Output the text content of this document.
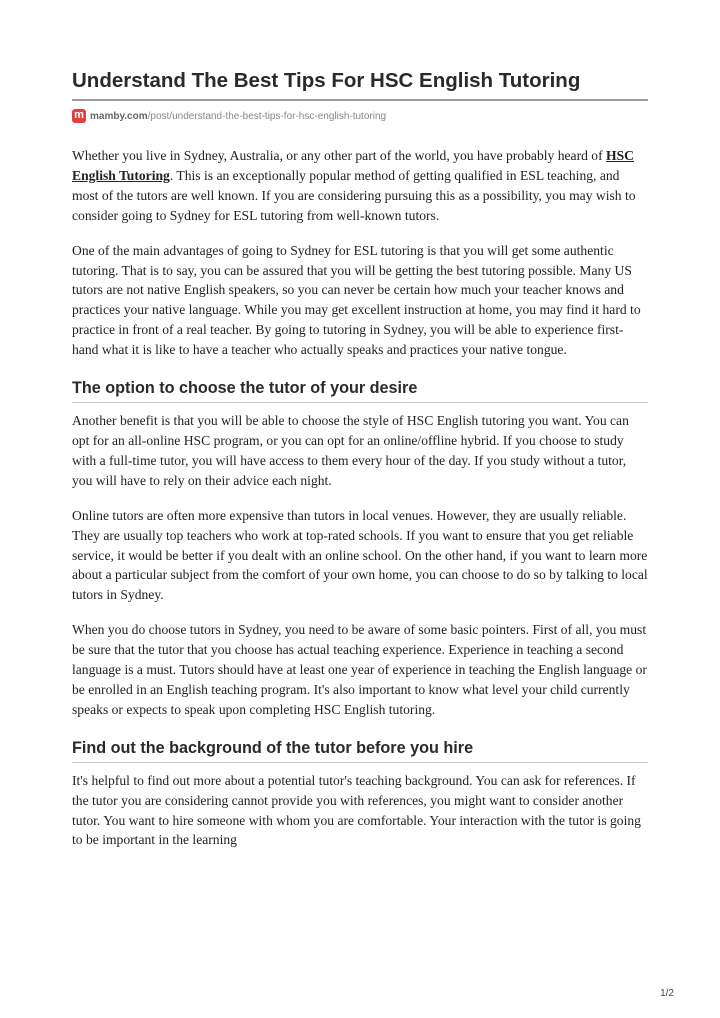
Understand The Best Tips For HSC English Tutoring
m mamby.com /post/understand-the-best-tips-for-hsc-english-tutoring

Whether you live in Sydney, Australia, or any other part of the world, you have probably heard of HSC English Tutoring. This is an exceptionally popular method of getting qualified in ESL teaching, and most of the tutors are well known. If you are considering pursuing this as a possibility, you may wish to consider going to Sydney for ESL tutoring from well-known tutors.

One of the main advantages of going to Sydney for ESL tutoring is that you will get some authentic tutoring. That is to say, you can be assured that you will be getting the best tutoring possible. Many US tutors are not native English speakers, so you can never be certain how much your teacher knows and practices your native language. While you may get excellent instruction at home, you may find it hard to practice in front of a real teacher. By going to tutoring in Sydney, you will be able to experience first-hand what it is like to have a teacher who actually speaks and practices your native tongue.

The option to choose the tutor of your desire

Another benefit is that you will be able to choose the style of HSC English tutoring you want. You can opt for an all-online HSC program, or you can opt for an online/offline hybrid. If you choose to study with a full-time tutor, you will have access to them every hour of the day. If you study without a tutor, you will have to rely on their advice each night.

Online tutors are often more expensive than tutors in local venues. However, they are usually reliable. They are usually top teachers who work at top-rated schools. If you want to ensure that you get reliable service, it would be better if you dealt with an online school. On the other hand, if you want to learn more about a particular subject from the comfort of your own home, you can choose to do so by talking to local tutors in Sydney.

When you do choose tutors in Sydney, you need to be aware of some basic pointers. First of all, you must be sure that the tutor that you choose has actual teaching experience. Experience in teaching a second language is a must. Tutors should have at least one year of experience in teaching the English language or be enrolled in an English teaching program. It's also important to know what level your child currently speaks or expects to speak upon completing HSC English tutoring.

Find out the background of the tutor before you hire

It's helpful to find out more about a potential tutor's teaching background. You can ask for references. If the tutor you are considering cannot provide you with references, you might want to consider another tutor. You want to hire someone with whom you are comfortable. Your interaction with the tutor is going to be important in the learning

1/2
